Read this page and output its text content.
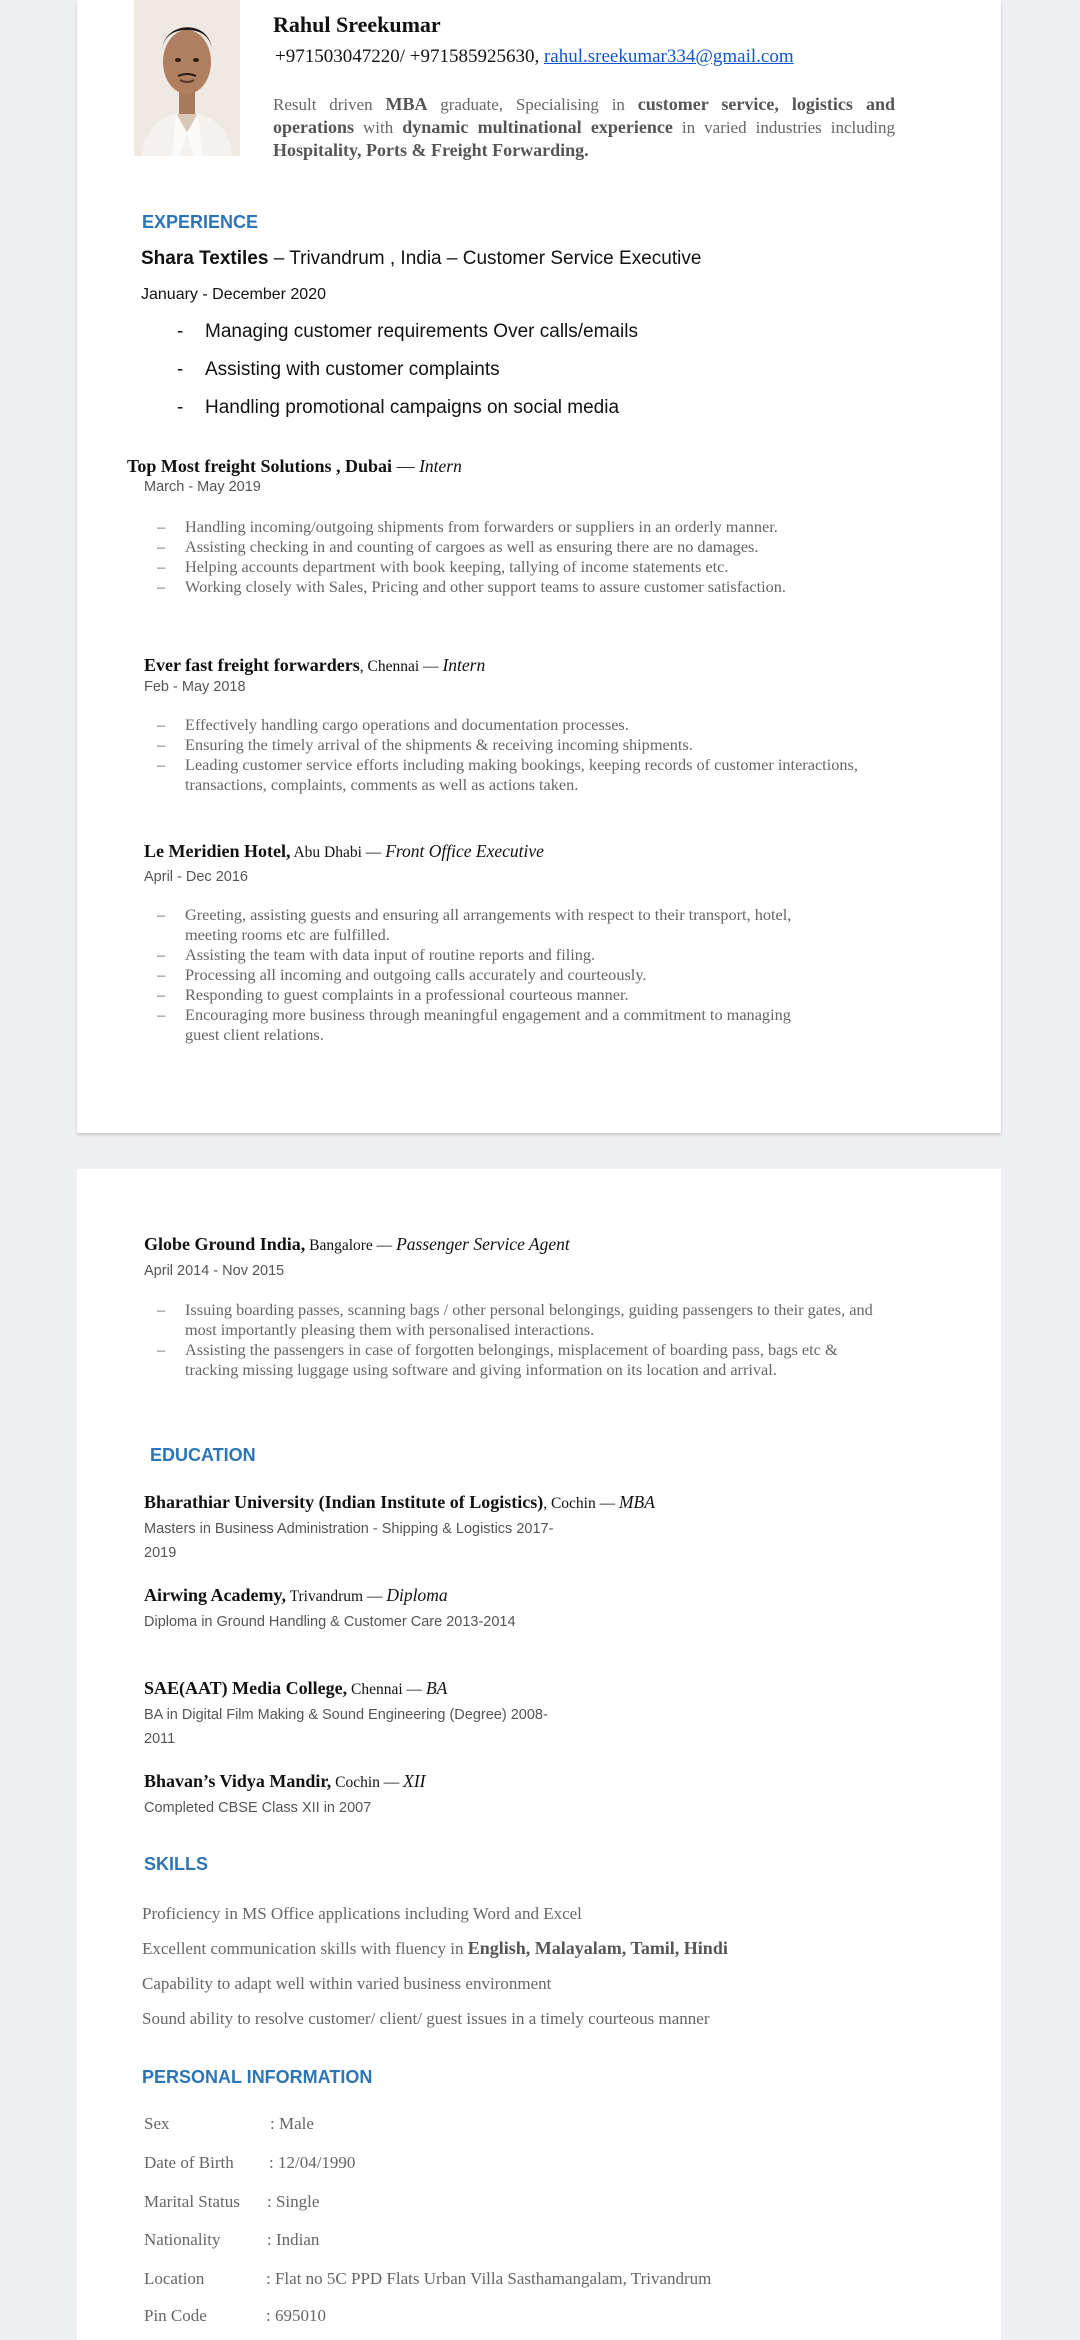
Rahul Sreekumar
+971503047220/ +971585925630, rahul.sreekumar334@gmail.com
Result driven MBA graduate, Specialising in customer service, logistics and operations with dynamic multinational experience in varied industries including Hospitality, Ports & Freight Forwarding.
EXPERIENCE
Shara Textiles – Trivandrum , India – Customer Service Executive
January - December 2020
- Managing customer requirements Over calls/emails
- Assisting with customer complaints
- Handling promotional campaigns on social media
Top Most freight Solutions , Dubai — Intern
March - May 2019
– Handling incoming/outgoing shipments from forwarders or suppliers in an orderly manner.
– Assisting checking in and counting of cargoes as well as ensuring there are no damages.
– Helping accounts department with book keeping, tallying of income statements etc.
– Working closely with Sales, Pricing and other support teams to assure customer satisfaction.
Ever fast freight forwarders, Chennai — Intern
Feb - May 2018
– Effectively handling cargo operations and documentation processes.
– Ensuring the timely arrival of the shipments & receiving incoming shipments.
– Leading customer service efforts including making bookings, keeping records of customer interactions, transactions, complaints, comments as well as actions taken.
Le Meridien Hotel, Abu Dhabi — Front Office Executive
April - Dec 2016
– Greeting, assisting guests and ensuring all arrangements with respect to their transport, hotel, meeting rooms etc are fulfilled.
– Assisting the team with data input of routine reports and filing.
– Processing all incoming and outgoing calls accurately and courteously.
– Responding to guest complaints in a professional courteous manner.
– Encouraging more business through meaningful engagement and a commitment to managing guest client relations.
Globe Ground India, Bangalore — Passenger Service Agent
April 2014 - Nov 2015
– Issuing boarding passes, scanning bags / other personal belongings, guiding passengers to their gates, and most importantly pleasing them with personalised interactions.
– Assisting the passengers in case of forgotten belongings, misplacement of boarding pass, bags etc & tracking missing luggage using software and giving information on its location and arrival.
EDUCATION
Bharathiar University (Indian Institute of Logistics), Cochin — MBA
Masters in Business Administration - Shipping & Logistics 2017-2019
Airwing Academy, Trivandrum — Diploma
Diploma in Ground Handling & Customer Care 2013-2014
SAE(AAT) Media College, Chennai — BA
BA in Digital Film Making & Sound Engineering (Degree) 2008-2011
Bhavan’s Vidya Mandir, Cochin — XII
Completed CBSE Class XII in 2007
SKILLS
Proficiency in MS Office applications including Word and Excel
Excellent communication skills with fluency in English, Malayalam, Tamil, Hindi
Capability to adapt well within varied business environment
Sound ability to resolve customer/ client/ guest issues in a timely courteous manner
PERSONAL INFORMATION
Sex	: Male
Date of Birth : 12/04/1990
Marital Status : Single
Nationality	: Indian
Location	: Flat no 5C PPD Flats Urban Villa Sasthamangalam, Trivandrum
Pin Code	: 695010
